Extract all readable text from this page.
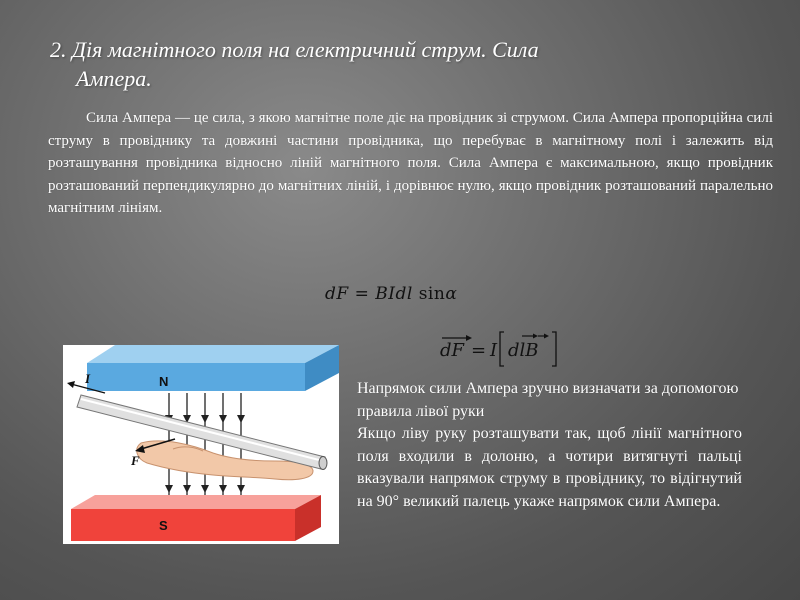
2. Дія магнітного поля на електричний струм. Сила
Ампера.

Сила Ампера — це сила, з якою магнітне поле діє на провідник зі струмом. Сила Ампера пропорційна силі струму в провіднику та довжині частини провідника, що перебуває в магнітному полі і залежить від розташування провідника відносно ліній магнітного поля. Сила Ампера є максимальною, якщо провідник розташований перпендикулярно до магнітних ліній, і дорівнює нулю, якщо провідник розташований паралельно магнітним лініям.

dF = BIdl sinα
dF = I dlB
N
S
I
F

Напрямок сили Ампера зручно визначати за допомогою правила лівої руки

Якщо ліву руку розташувати так, щоб лінії магнітного поля входили в долоню, а чотири витягнуті пальці вказували напрямок струму в провіднику, то відігнутий на 90° великий палець укаже напрямок сили Ампера.
